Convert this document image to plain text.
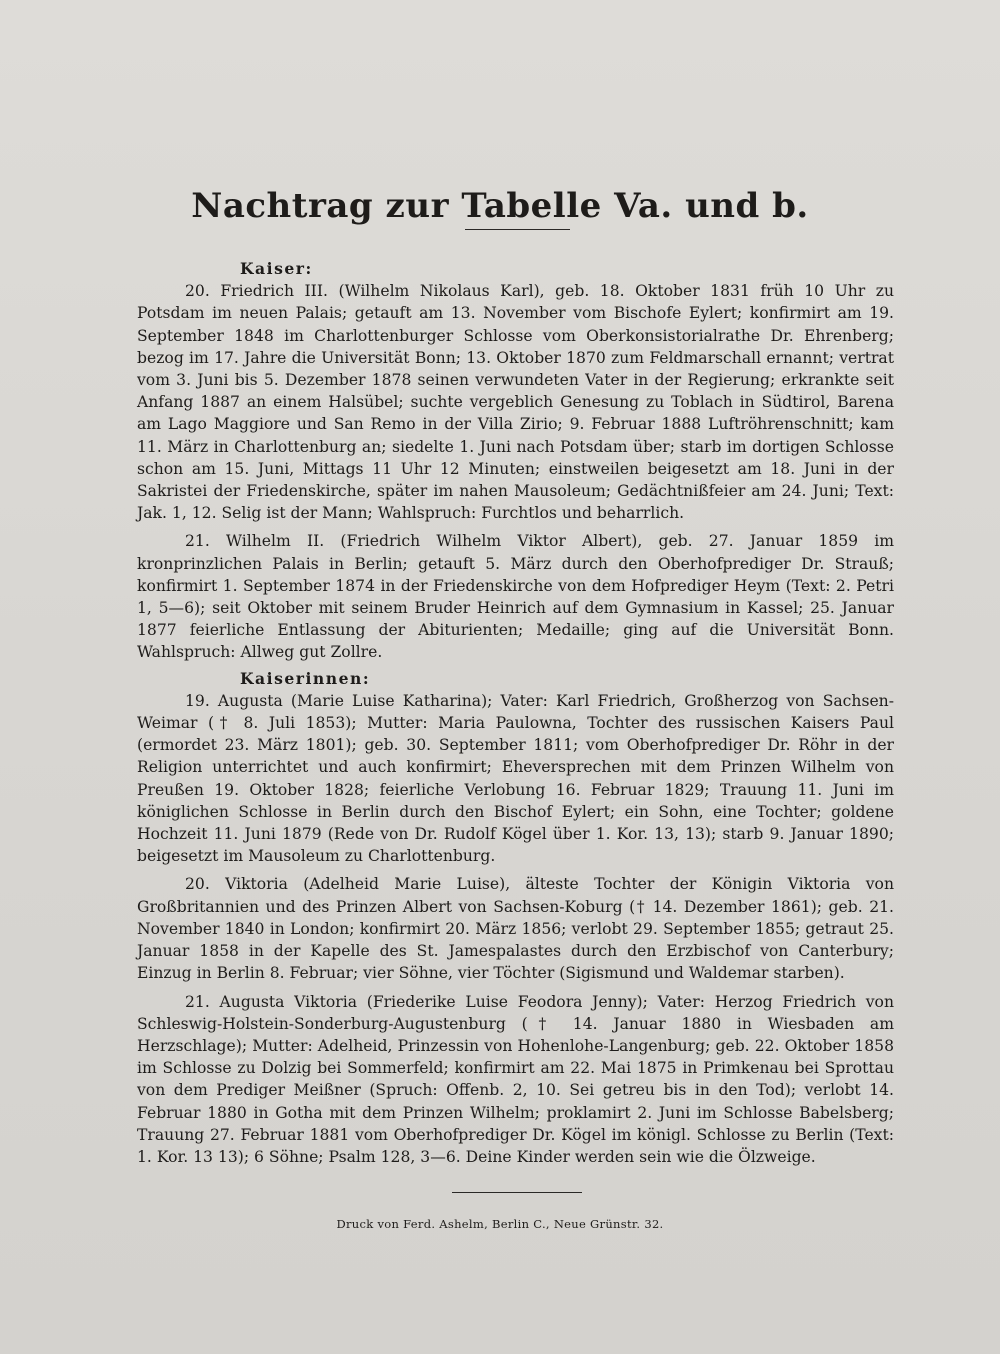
Nachtrag zur Tabelle Va. und b.
Kaiser:

20. Friedrich III. (Wilhelm Nikolaus Karl), geb. 18. Oktober 1831 früh 10 Uhr zu Potsdam im neuen Palais; getauft am 13. November vom Bischofe Eylert; konfirmirt am 19. September 1848 im Charlottenburger Schlosse vom Oberkonsistorialrathe Dr. Ehrenberg; bezog im 17. Jahre die Universität Bonn; 13. Oktober 1870 zum Feldmarschall ernannt; vertrat vom 3. Juni bis 5. Dezember 1878 seinen verwundeten Vater in der Regierung; erkrankte seit Anfang 1887 an einem Halsübel; suchte vergeblich Genesung zu Toblach in Südtirol, Barena am Lago Maggiore und San Remo in der Villa Zirio; 9. Februar 1888 Luftröhrenschnitt; kam 11. März in Charlottenburg an; siedelte 1. Juni nach Potsdam über; starb im dortigen Schlosse schon am 15. Juni, Mittags 11 Uhr 12 Minuten; einstweilen beigesetzt am 18. Juni in der Sakristei der Friedenskirche, später im nahen Mausoleum; Gedächtnißfeier am 24. Juni; Text: Jak. 1, 12. Selig ist der Mann; Wahlspruch: Furchtlos und beharrlich.

21. Wilhelm II. (Friedrich Wilhelm Viktor Albert), geb. 27. Januar 1859 im kronprinzlichen Palais in Berlin; getauft 5. März durch den Oberhofprediger Dr. Strauß; konfirmirt 1. September 1874 in der Friedenskirche von dem Hofprediger Heym (Text: 2. Petri 1, 5—6); seit Oktober mit seinem Bruder Heinrich auf dem Gymnasium in Kassel; 25. Januar 1877 feierliche Entlassung der Abiturienten; Medaille; ging auf die Universität Bonn. Wahlspruch: Allweg gut Zollre.

Kaiserinnen:

19. Augusta (Marie Luise Katharina); Vater: Karl Friedrich, Großherzog von Sachsen-Weimar († 8. Juli 1853); Mutter: Maria Paulowna, Tochter des russischen Kaisers Paul (ermordet 23. März 1801); geb. 30. September 1811; vom Oberhofprediger Dr. Röhr in der Religion unterrichtet und auch konfirmirt; Eheversprechen mit dem Prinzen Wilhelm von Preußen 19. Oktober 1828; feierliche Verlobung 16. Februar 1829; Trauung 11. Juni im königlichen Schlosse in Berlin durch den Bischof Eylert; ein Sohn, eine Tochter; goldene Hochzeit 11. Juni 1879 (Rede von Dr. Rudolf Kögel über 1. Kor. 13, 13); starb 9. Januar 1890; beigesetzt im Mausoleum zu Charlottenburg.

20. Viktoria (Adelheid Marie Luise), älteste Tochter der Königin Viktoria von Großbritannien und des Prinzen Albert von Sachsen-Koburg († 14. Dezember 1861); geb. 21. November 1840 in London; konfirmirt 20. März 1856; verlobt 29. September 1855; getraut 25. Januar 1858 in der Kapelle des St. Jamespalastes durch den Erzbischof von Canterbury; Einzug in Berlin 8. Februar; vier Söhne, vier Töchter (Sigismund und Waldemar starben).

21. Augusta Viktoria (Friederike Luise Feodora Jenny); Vater: Herzog Friedrich von Schleswig-Holstein-Sonderburg-Augustenburg († 14. Januar 1880 in Wiesbaden am Herzschlage); Mutter: Adelheid, Prinzessin von Hohenlohe-Langenburg; geb. 22. Oktober 1858 im Schlosse zu Dolzig bei Sommerfeld; konfirmirt am 22. Mai 1875 in Primkenau bei Sprottau von dem Prediger Meißner (Spruch: Offenb. 2, 10. Sei getreu bis in den Tod); verlobt 14. Februar 1880 in Gotha mit dem Prinzen Wilhelm; proklamirt 2. Juni im Schlosse Babelsberg; Trauung 27. Februar 1881 vom Oberhofprediger Dr. Kögel im königl. Schlosse zu Berlin (Text: 1. Kor. 13 13); 6 Söhne; Psalm 128, 3—6. Deine Kinder werden sein wie die Ölzweige.

Druck von Ferd. Ashelm, Berlin C., Neue Grünstr. 32.
